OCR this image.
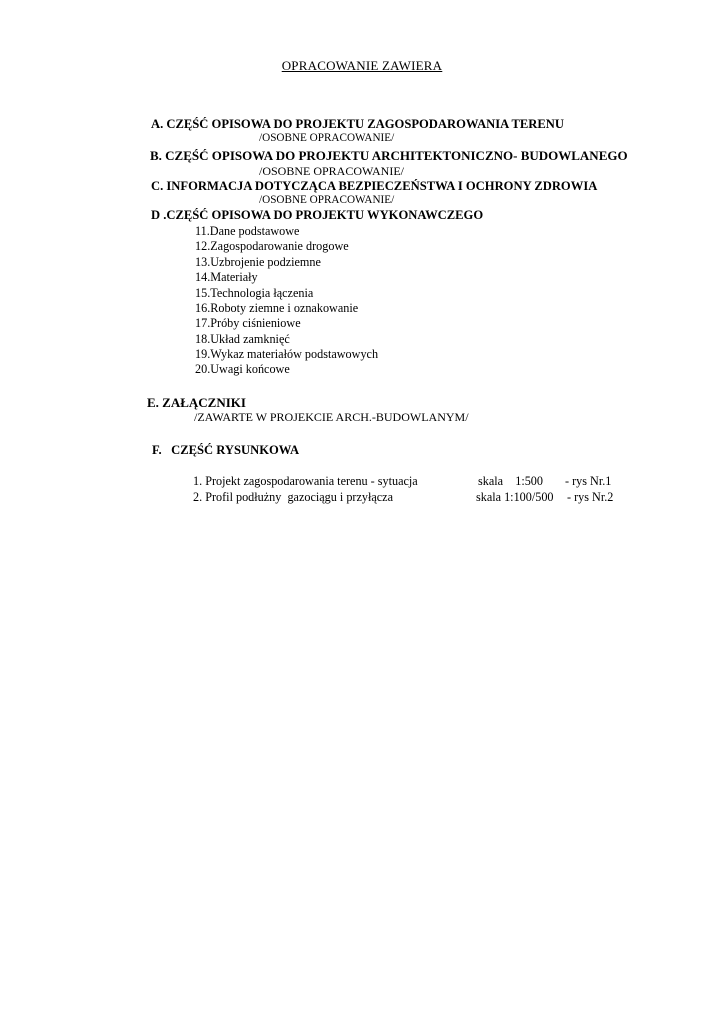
OPRACOWANIE ZAWIERA
A. CZĘŚĆ OPISOWA DO PROJEKTU ZAGOSPODAROWANIA TERENU
/OSOBNE OPRACOWANIE/
B. CZĘŚĆ OPISOWA DO PROJEKTU ARCHITEKTONICZNO- BUDOWLANEGO
/OSOBNE OPRACOWANIE/
C. INFORMACJA DOTYCZĄCA BEZPIECZEŃSTWA I OCHRONY ZDROWIA
/OSOBNE OPRACOWANIE/
D .CZĘŚĆ OPISOWA DO PROJEKTU WYKONAWCZEGO
11.Dane podstawowe
12.Zagospodarowanie drogowe
13.Uzbrojenie podziemne
14.Materiały
15.Technologia łączenia
16.Roboty ziemne i oznakowanie
17.Próby ciśnieniowe
18.Układ zamknięć
19.Wykaz materiałów podstawowych
20.Uwagi końcowe
E. ZAŁĄCZNIKI
/ZAWARTE W PROJEKCIE ARCH.-BUDOWLANYM/
F.   CZĘŚĆ RYSUNKOWA
1. Projekt zagospodarowania terenu - sytuacja	skala    1:500 - rys Nr.1
2. Profil podłużny  gazociągu i przyłącza	skala 1:100/500 - rys Nr.2
